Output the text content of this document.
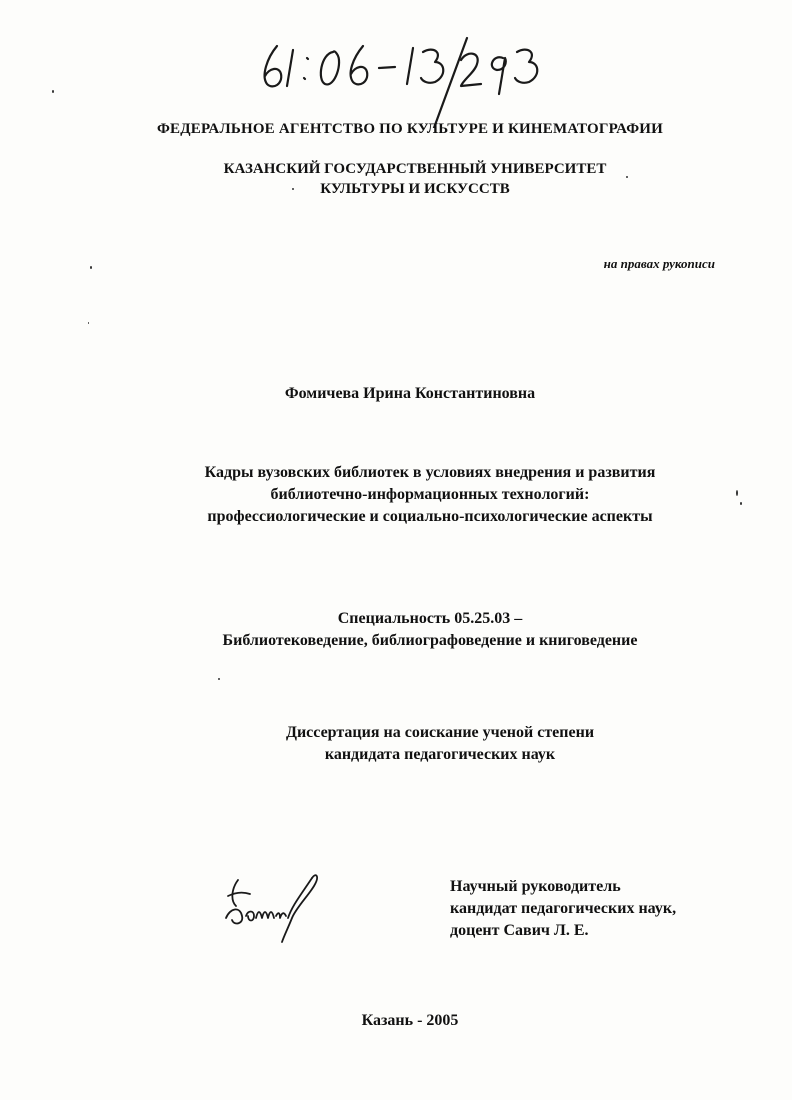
ФЕДЕРАЛЬНОЕ АГЕНТСТВО ПО КУЛЬТУРЕ И КИНЕМАТОГРАФИИ
КАЗАНСКИЙ ГОСУДАРСТВЕННЫЙ УНИВЕРСИТЕТ
КУЛЬТУРЫ И ИСКУССТВ
на правах рукописи
Фомичева Ирина Константиновна
Кадры вузовских библиотек в условиях внедрения и развития
библиотечно-информационных технологий:
профессиологические и социально-психологические аспекты
Специальность 05.25.03 –
Библиотековедение, библиографоведение и книговедение
Диссертация на соискание ученой степени
кандидата педагогических наук
Научный руководитель
кандидат педагогических наук,
доцент Савич Л. Е.
Казань - 2005
